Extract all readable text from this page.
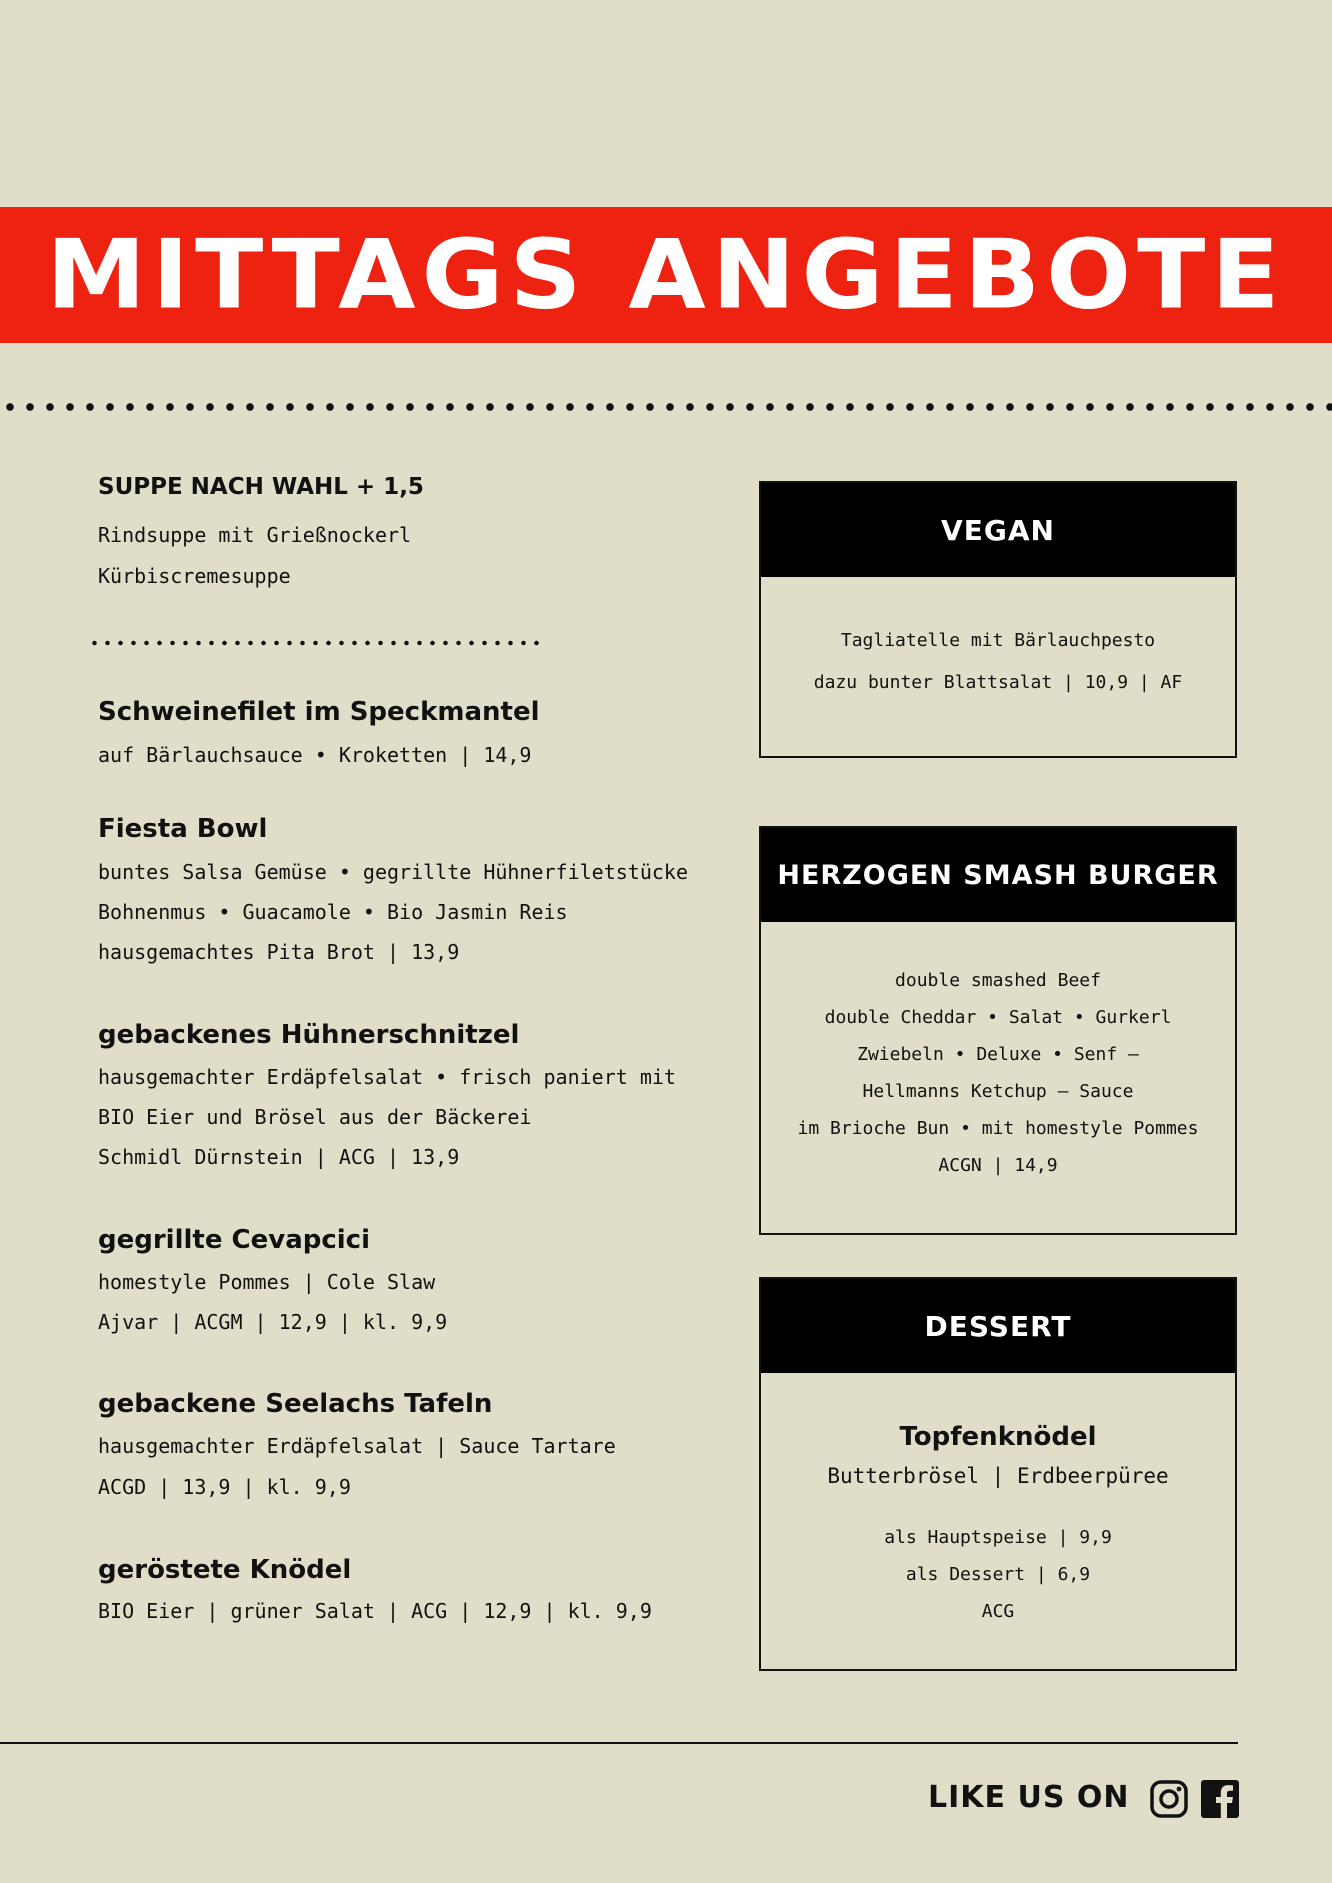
MITTAGS ANGEBOTE

SUPPE NACH WAHL + 1,5

Rindsuppe mit Grießnockerl

Kürbiscremesuppe

Schweinefilet im Speckmantel

auf Bärlauchsauce • Kroketten | 14,9

Fiesta Bowl

buntes Salsa Gemüse • gegrillte Hühnerfiletstücke

Bohnenmus • Guacamole • Bio Jasmin Reis

hausgemachtes Pita Brot | 13,9

gebackenes Hühnerschnitzel

hausgemachter Erdäpfelsalat • frisch paniert mit

BIO Eier und Brösel aus der Bäckerei

Schmidl Dürnstein | ACG | 13,9

gegrillte Cevapcici

homestyle Pommes | Cole Slaw

Ajvar | ACGM | 12,9 | kl. 9,9

gebackene Seelachs Tafeln

hausgemachter Erdäpfelsalat | Sauce Tartare

ACGD | 13,9 | kl. 9,9

geröstete Knödel

BIO Eier | grüner Salat | ACG | 12,9 | kl. 9,9

VEGAN
Tagliatelle mit Bärlauchpesto
dazu bunter Blattsalat | 10,9 | AF
HERZOGEN SMASH BURGER
double smashed Beef
double Cheddar • Salat • Gurkerl
Zwiebeln • Deluxe • Senf –
Hellmanns Ketchup – Sauce
im Brioche Bun • mit homestyle Pommes
ACGN | 14,9
DESSERT
Topfenknödel
Butterbrösel | Erdbeerpüree
als Hauptspeise | 9,9
als Dessert | 6,9
ACG
LIKE US ON
